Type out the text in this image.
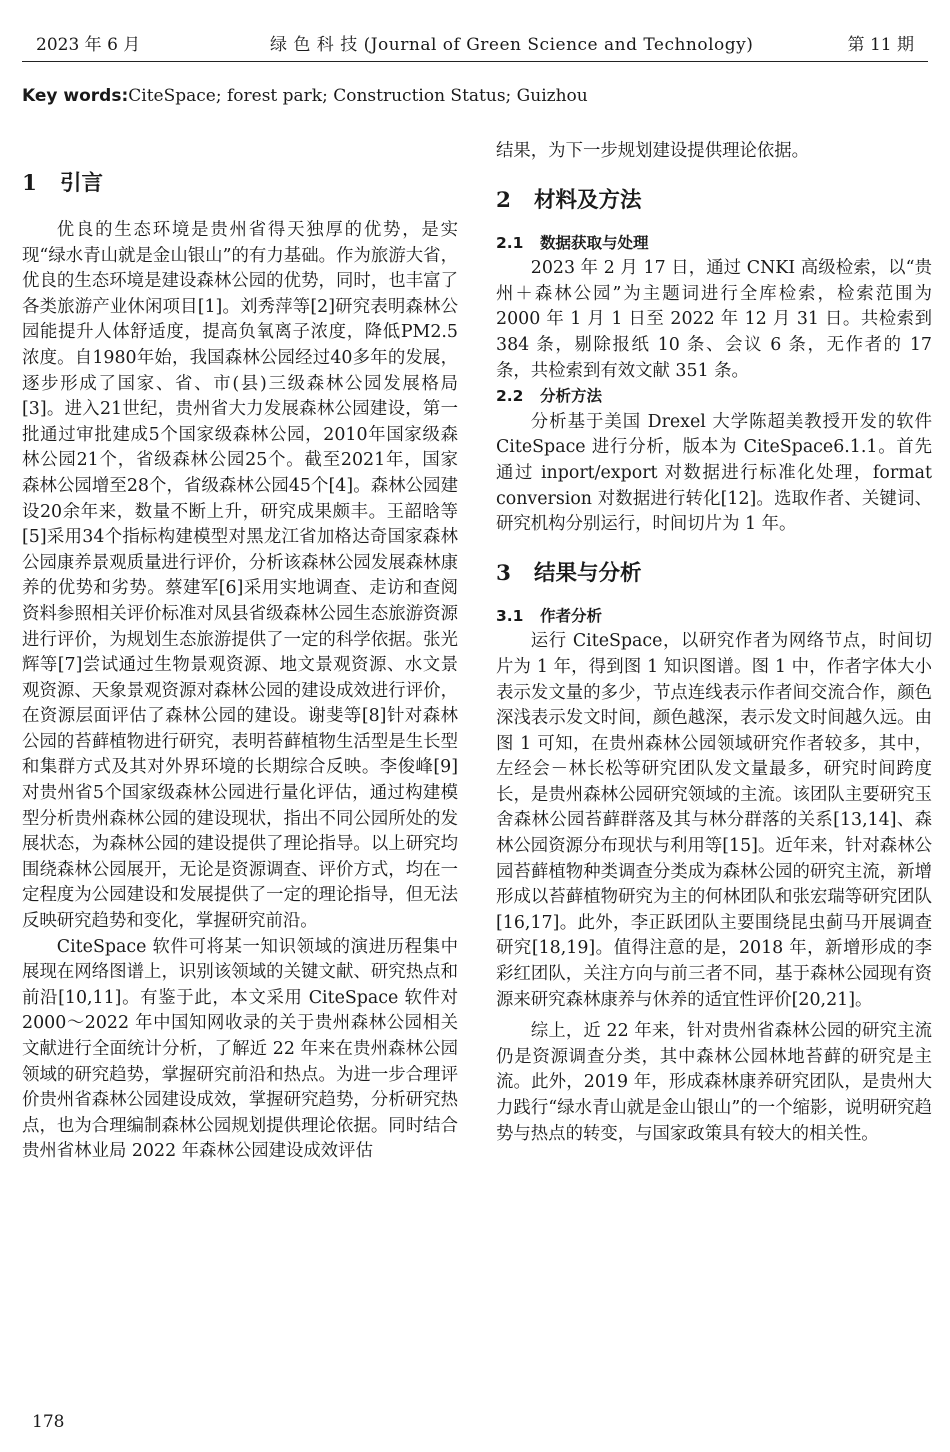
2023 年 6 月	绿 色 科 技 (Journal of Green Science and Technology)	第 11 期
Key words:CiteSpace; forest park; Construction Status; Guizhou
1 引言

优良的生态环境是贵州省得天独厚的优势，是实现“绿水青山就是金山银山”的有力基础。作为旅游大省，优良的生态环境是建设森林公园的优势，同时，也丰富了各类旅游产业休闲项目[1]。刘秀萍等[2]研究表明森林公园能提升人体舒适度，提高负氧离子浓度，降低PM2.5浓度。自1980年始，我国森林公园经过40多年的发展，逐步形成了国家、省、市(县)三级森林公园发展格局[3]。进入21世纪，贵州省大力发展森林公园建设，第一批通过审批建成5个国家级森林公园，2010年国家级森林公园21个，省级森林公园25个。截至2021年，国家森林公园增至28个，省级森林公园45个[4]。森林公园建设20余年来，数量不断上升，研究成果颇丰。王韶晗等[5]采用34个指标构建模型对黑龙江省加格达奇国家森林公园康养景观质量进行评价，分析该森林公园发展森林康养的优势和劣势。蔡建军[6]采用实地调查、走访和查阅资料参照相关评价标准对凤县省级森林公园生态旅游资源进行评价，为规划生态旅游提供了一定的科学依据。张光辉等[7]尝试通过生物景观资源、地文景观资源、水文景观资源、天象景观资源对森林公园的建设成效进行评价，在资源层面评估了森林公园的建设。谢斐等[8]针对森林公园的苔藓植物进行研究，表明苔藓植物生活型是生长型和集群方式及其对外界环境的长期综合反映。李俊峰[9]对贵州省5个国家级森林公园进行量化评估，通过构建模型分析贵州森林公园的建设现状，指出不同公园所处的发展状态，为森林公园的建设提供了理论指导。以上研究均围绕森林公园展开，无论是资源调查、评价方式，均在一定程度为公园建设和发展提供了一定的理论指导，但无法反映研究趋势和变化，掌握研究前沿。

CiteSpace 软件可将某一知识领域的演进历程集中展现在网络图谱上，识别该领域的关键文献、研究热点和前沿[10,11]。有鉴于此，本文采用 CiteSpace 软件对 2000～2022 年中国知网收录的关于贵州森林公园相关文献进行全面统计分析，了解近 22 年来在贵州森林公园领域的研究趋势，掌握研究前沿和热点。为进一步合理评价贵州省森林公园建设成效，掌握研究趋势，分析研究热点，也为合理编制森林公园规划提供理论依据。同时结合贵州省林业局 2022 年森林公园建设成效评估

结果，为下一步规划建设提供理论依据。

2 材料及方法
2.1 数据获取与处理

2023 年 2 月 17 日，通过 CNKI 高级检索，以“贵州＋森林公园”为主题词进行全库检索，检索范围为 2000 年 1 月 1 日至 2022 年 12 月 31 日。共检索到 384 条，剔除报纸 10 条、会议 6 条，无作者的 17 条，共检索到有效文献 351 条。

2.2 分析方法

分析基于美国 Drexel 大学陈超美教授开发的软件 CiteSpace 进行分析，版本为 CiteSpace6.1.1。首先通过 inport/export 对数据进行标准化处理，format conversion 对数据进行转化[12]。选取作者、关键词、研究机构分别运行，时间切片为 1 年。

3 结果与分析
3.1 作者分析

运行 CiteSpace，以研究作者为网络节点，时间切片为 1 年，得到图 1 知识图谱。图 1 中，作者字体大小表示发文量的多少，节点连线表示作者间交流合作，颜色深浅表示发文时间，颜色越深，表示发文时间越久远。由图 1 可知，在贵州森林公园领域研究作者较多，其中，左经会－林长松等研究团队发文量最多，研究时间跨度长，是贵州森林公园研究领域的主流。该团队主要研究玉舍森林公园苔藓群落及其与林分群落的关系[13,14]、森林公园资源分布现状与利用等[15]。近年来，针对森林公园苔藓植物种类调查分类成为森林公园的研究主流，新增形成以苔藓植物研究为主的何林团队和张宏瑞等研究团队[16,17]。此外，李正跃团队主要围绕昆虫蓟马开展调查研究[18,19]。值得注意的是，2018 年，新增形成的李彩红团队，关注方向与前三者不同，基于森林公园现有资源来研究森林康养与休养的适宜性评价[20,21]。

综上，近 22 年来，针对贵州省森林公园的研究主流仍是资源调查分类，其中森林公园林地苔藓的研究是主流。此外，2019 年，形成森林康养研究团队，是贵州大力践行“绿水青山就是金山银山”的一个缩影，说明研究趋势与热点的转变，与国家政策具有较大的相关性。

178
